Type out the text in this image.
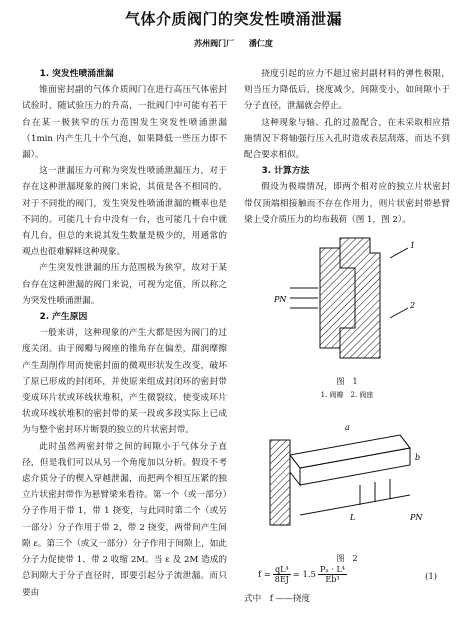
气体介质阀门的突发性喷涌泄漏
苏州阀门厂 潘仁度
1. 突发性喷涌泄漏

锥面密封副的气体介质阀门在进行高压气体密封试验时，随试验压力的升高，一批阀门中可能有若干台在某一极狭窄的压力范围发生突发性喷涌泄漏（1min 内产生几十个气泡，如果降低一些压力即不漏）。

这一泄漏压力可称为突发性喷涌泄漏压力，对于存在这种泄漏现象的阀门来说，其值是各不相同的。对于不同批的阀门，发生突发性喷涌泄漏的概率也是不同的。可能几十台中没有一台，也可能几十台中就有几台，但总的来说其发生数量是极少的，用通常的观点也很难解释这种现象。

产生突发性泄漏的压力范围极为狭窄，故对于某台存在这种泄漏的阀门来说，可视为定值，所以称之为突发性喷涌泄漏。

2. 产生原因

一般来讲，这种现象的产生大都是因为阀门的过度关闭。由于阀瓣与阀座的锥角存在偏差，甜润摩擦产生刮削作用而使密封面的微观形状发生改变，破坏了原已形成的封闭环，并使原来组成封闭环的密封带变成环片状或环线状堆积，产生微裂纹，使变成环片状或环线状堆积的密封带的某一段或多段实际上已成为与整个密封环片断裂的独立的片状密封带。

此时虽然两密封带之间的间隙小于气体分子直径，但是我们可以从另一个角度加以分析。假设不考虑介质分子的楔入穿越泄漏，而把两个相互压紧的独立片状密封带作为悬臂梁来看待。第一个（或一部分）分子作用于带 1，带 1 挠变，与此同时第二个（或另一部分）分子作用于带 2，带 2 挠变，两带间产生间隙 ε。第三个（或又一部分）分子作用于间隙上，如此分子力促使带 1、带 2 收缩 2M。当 ε 及 2M 造成的总间隙大于分子直径时，即要引起分子流泄漏。而只要由

挠度引起的应力不超过密封副材料的弹性极限，则当压力降低后，挠度减少，间隙变小，如间隙小于分子直径，泄漏就会停止。

这种现象与轴、孔的过盈配合，在未采取相应措施情况下将轴强行压入孔时造成表层刮落，而达不到配合要求相似。

3. 计算方法

假设为极端情况，即两个相对应的独立片状密封带仅顶端相接触而不存在作用力，则片状密封带悬臂梁上受介质压力的均布载荷（图 1，图 2）。

PN
1
2
图　1
1. 阀瓣　2. 阀座
a
b
PN
L
图　2
$f = \frac{\text{qL⁴}}{8EJ} = 1.5 \frac{\text{Pₙ · L⁴}}{\text{Eb³}}$	(1)
式中　f ——挠度
